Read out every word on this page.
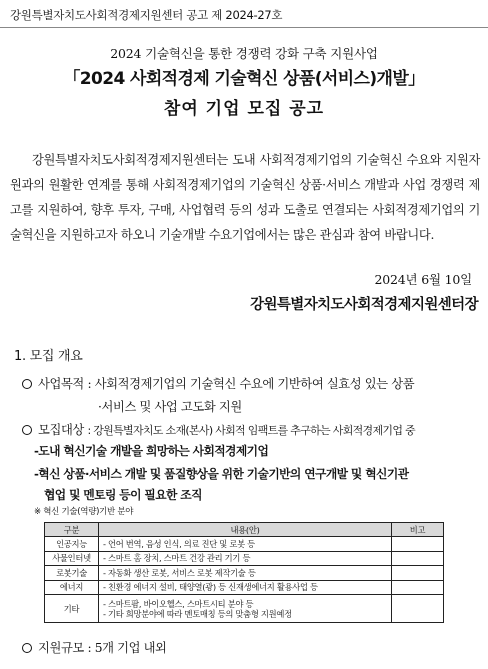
강원특별자치도사회적경제지원센터 공고 제 2024-27호
2024 기술혁신을 통한 경쟁력 강화 구축 지원사업
「2024 사회적경제 기술혁신 상품(서비스)개발」
참여 기업 모집 공고

강원특별자치도사회적경제지원센터는 도내 사회적경제기업의 기술혁신 수요와 지원자원과의 원활한 연계를 통해 사회적경제기업의 기술혁신 상품·서비스 개발과 사업 경쟁력 제고를 지원하여, 향후 투자, 구매, 사업협력 등의 성과 도출로 연결되는 사회적경제기업의 기술혁신을 지원하고자 하오니 기술개발 수요기업에서는 많은 관심과 참여 바랍니다.

2024년 6월 10일
강원특별자치도사회적경제지원센터장
1. 모집 개요
사업목적 : 사회적경제기업의 기술혁신 수요에 기반하여 실효성 있는 상품
·서비스 및 사업 고도화 지원
모집대상 : 강원특별자치도 소재(본사) 사회적 임팩트를 추구하는 사회적경제기업 중
-도내 혁신기술 개발을 희망하는 사회적경제기업
-혁신 상품·서비스 개발 및 품질향상을 위한 기술기반의 연구개발 및 혁신기관
협업 및 멘토링 등이 필요한 조직
※ 혁신 기술(역량)기반 분야
구분	내용(안)	비고
인공지능	- 언어 번역, 음성 인식, 의료 진단 및 로봇 등	
사물인터넷	- 스마트 홈 장치, 스마트 건강 관리 기기 등	
로봇기술	- 자동화 생산 로봇, 서비스 로봇 제작기술 등	
에너지	- 친환경 에너지 설비, 태양열(광) 등 신재생에너지 활용사업 등	
기타	- 스마트팜, 바이오헬스, 스마트시티 분야 등
- 기타 희망분야에 따라 멘토매칭 등의 맞춤형 지원예정	

지원규모 : 5개 기업 내외
